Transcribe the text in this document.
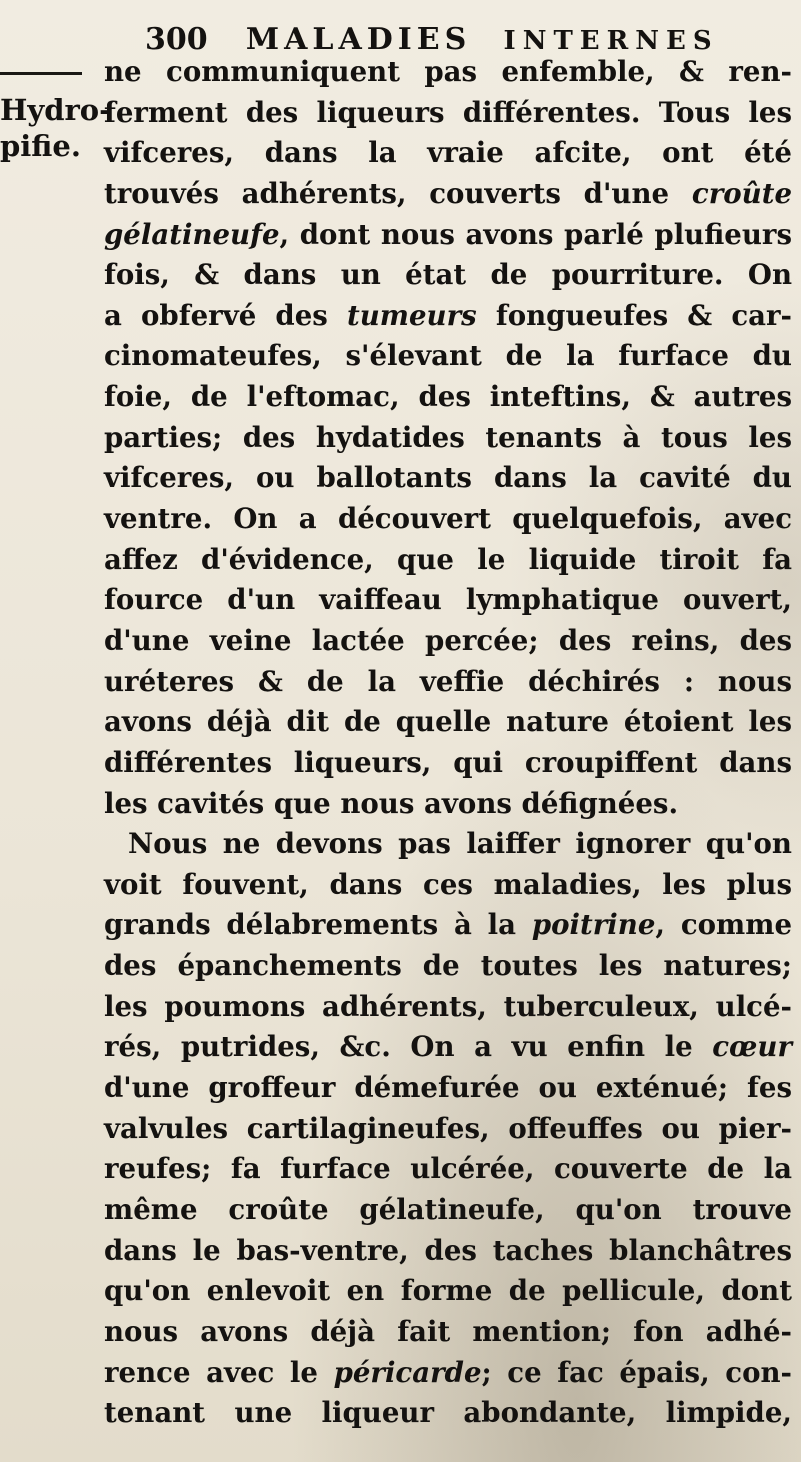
300 MALADIES INTERNES
Hydro-
pifie.
ne communiquent pas enfemble, & ren-
ferment des liqueurs différentes. Tous les
vifceres, dans la vraie afcite, ont été
trouvés adhérents, couverts d'une croûte
gélatineufe, dont nous avons parlé plufieurs
fois, & dans un état de pourriture. On
a obfervé des tumeurs fongueufes & car-
cinomateufes, s'élevant de la furface du
foie, de l'eftomac, des inteftins, & autres
parties; des hydatides tenants à tous les
vifceres, ou ballotants dans la cavité du
ventre. On a découvert quelquefois, avec
affez d'évidence, que le liquide tiroit fa
fource d'un vaiffeau lymphatique ouvert,
d'une veine lactée percée; des reins, des
uréteres & de la veffie déchirés : nous
avons déjà dit de quelle nature étoient les
différentes liqueurs, qui croupiffent dans
les cavités que nous avons défignées.
Nous ne devons pas laiffer ignorer qu'on
voit fouvent, dans ces maladies, les plus
grands délabrements à la poitrine, comme
des épanchements de toutes les natures;
les poumons adhérents, tuberculeux, ulcé-
rés, putrides, &c. On a vu enfin le cœur
d'une groffeur démefurée ou exténué; fes
valvules cartilagineufes, offeuffes ou pier-
reufes; fa furface ulcérée, couverte de la
même croûte gélatineufe, qu'on trouve
dans le bas-ventre, des taches blanchâtres
qu'on enlevoit en forme de pellicule, dont
nous avons déjà fait mention; fon adhé-
rence avec le péricarde; ce fac épais, con-
tenant une liqueur abondante, limpide,
